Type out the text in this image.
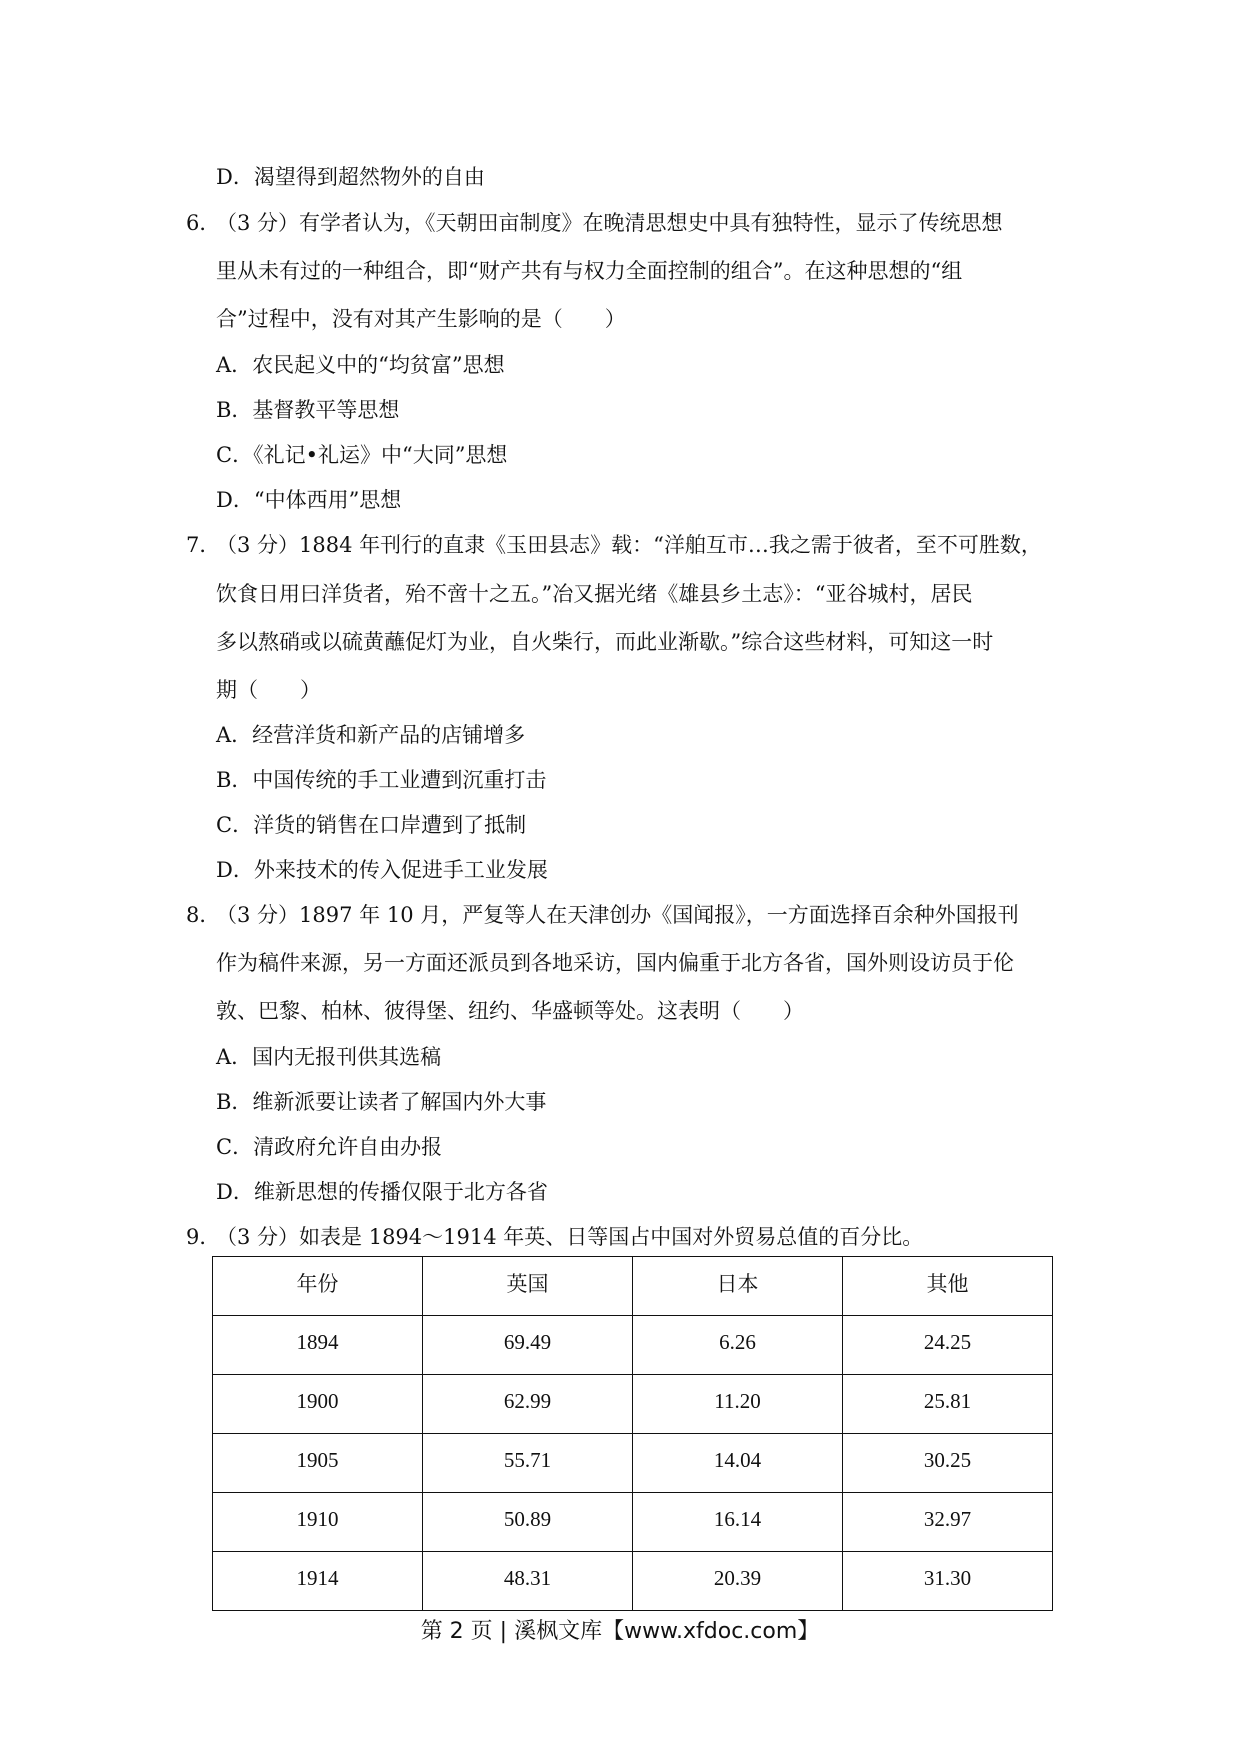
D．渴望得到超然物外的自由
6．
（3 分）有学者认为，《天朝田亩制度》在晚清思想史中具有独特性，显示了传统思想
里从未有过的一种组合，即“财产共有与权力全面控制的组合”。在这种思想的“组
合”过程中，没有对其产生影响的是（　　）
A．农民起义中的“均贫富”思想
B．基督教平等思想
C．《礼记•礼运》中“大同”思想
D．“中体西用”思想
7．
（3 分）1884 年刊行的直隶《玉田县志》载：“洋舶互市…我之需于彼者，至不可胜数，
饮食日用曰洋货者，殆不啻十之五。”冶又据光绪《雄县乡土志》：“亚谷城村，居民
多以熬硝或以硫黄蘸促灯为业，自火柴行，而此业渐歇。”综合这些材料，可知这一时
期（　　）
A．经营洋货和新产品的店铺增多
B．中国传统的手工业遭到沉重打击
C．洋货的销售在口岸遭到了抵制
D．外来技术的传入促进手工业发展
8．
（3 分）1897 年 10 月，严复等人在天津创办《国闻报》，一方面选择百余种外国报刊
作为稿件来源，另一方面还派员到各地采访，国内偏重于北方各省，国外则设访员于伦
敦、巴黎、柏林、彼得堡、纽约、华盛顿等处。这表明（　　）
A．国内无报刊供其选稿
B．维新派要让读者了解国内外大事
C．清政府允许自由办报
D．维新思想的传播仅限于北方各省
9．
（3 分）如表是 1894～1914 年英、日等国占中国对外贸易总值的百分比。
年份	英国	日本	其他
1894	69.49	6.26	24.25
1900	62.99	11.20	25.81
1905	55.71	14.04	30.25
1910	50.89	16.14	32.97
1914	48.31	20.39	31.30
第 2 页 | 溪枫文库【www.xfdoc.com】
